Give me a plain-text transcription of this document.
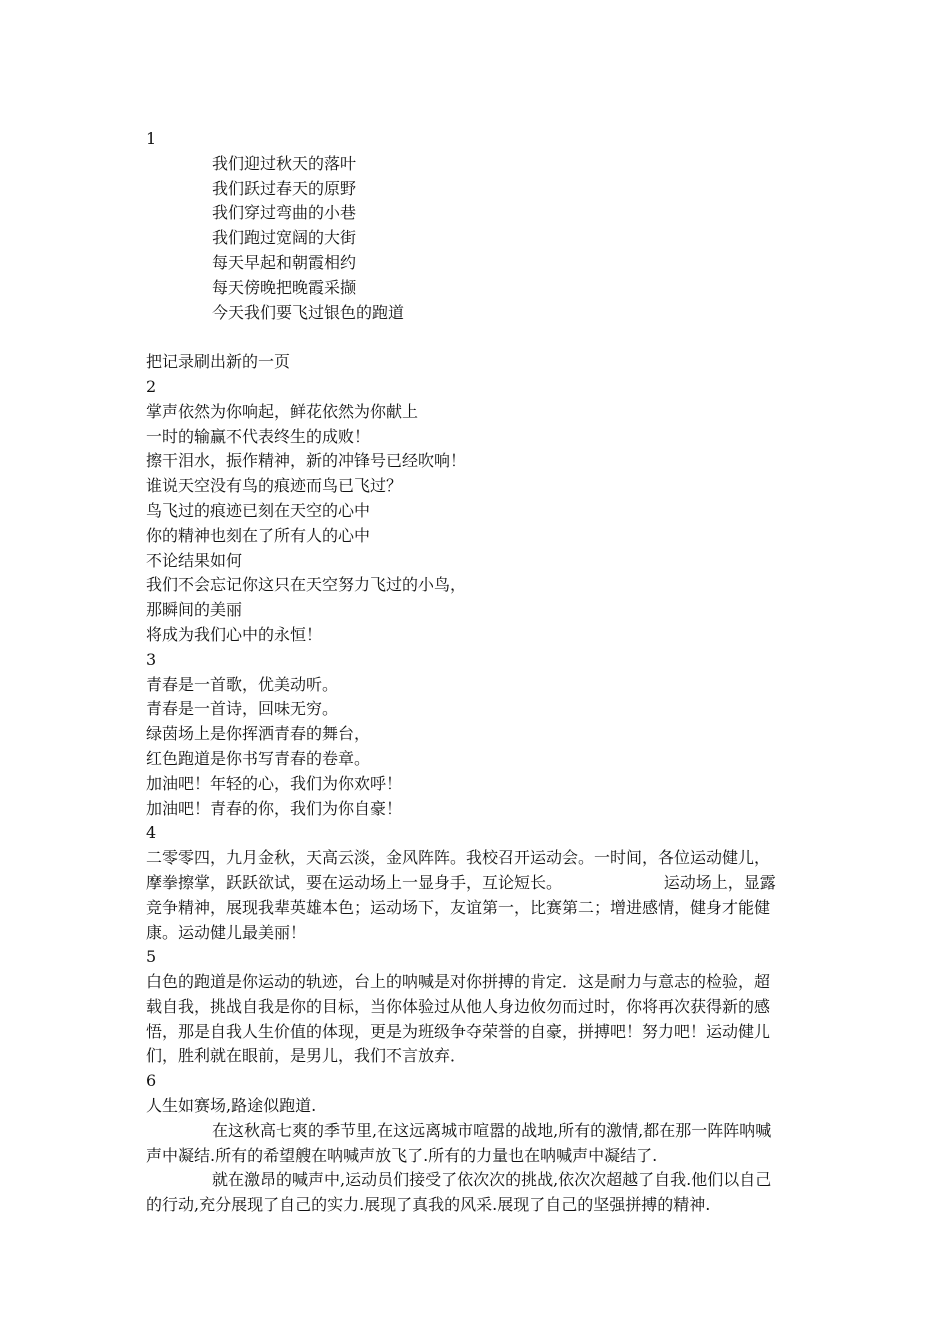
1
我们迎过秋天的落叶
我们跃过春天的原野
我们穿过弯曲的小巷
我们跑过宽阔的大街
每天早起和朝霞相约
每天傍晚把晚霞采撷
今天我们要飞过银色的跑道

把记录刷出新的一页
2
掌声依然为你响起，鲜花依然为你献上
一时的输赢不代表终生的成败！
擦干泪水，振作精神，新的冲锋号已经吹响！
谁说天空没有鸟的痕迹而鸟已飞过？
鸟飞过的痕迹已刻在天空的心中
你的精神也刻在了所有人的心中
不论结果如何
我们不会忘记你这只在天空努力飞过的小鸟，
那瞬间的美丽
将成为我们心中的永恒！
3
青春是一首歌，优美动听。
青春是一首诗，回味无穷。
绿茵场上是你挥洒青春的舞台，
红色跑道是你书写青春的卷章。
加油吧！年轻的心，我们为你欢呼！
加油吧！青春的你，我们为你自豪！
4
二零零四，九月金秋，天高云淡，金风阵阵。我校召开运动会。一时间，各位运动健儿，
摩拳擦掌，跃跃欲试，要在运动场上一显身手，互论短长。                    运动场上，显露
竞争精神，展现我辈英雄本色；运动场下，友谊第一，比赛第二；增进感情，健身才能健
康。运动健儿最美丽！
5
白色的跑道是你运动的轨迹，台上的呐喊是对你拼搏的肯定．这是耐力与意志的检验，超
载自我，挑战自我是你的目标，当你体验过从他人身边攸勿而过时，你将再次获得新的感
悟，那是自我人生价值的体现，更是为班级争夺荣誉的自豪，拼搏吧！努力吧！运动健儿
们，胜利就在眼前，是男儿，我们不言放弃．
6
人生如赛场,路途似跑道.
在这秋高七爽的季节里,在这远离城市喧嚣的战地,所有的激情,都在那一阵阵呐喊
声中凝结.所有的希望艘在呐喊声放飞了.所有的力量也在呐喊声中凝结了.
就在激昂的喊声中,运动员们接受了依次次的挑战,依次次超越了自我.他们以自己
的行动,充分展现了自己的实力.展现了真我的风采.展现了自己的坚强拼搏的精神.
